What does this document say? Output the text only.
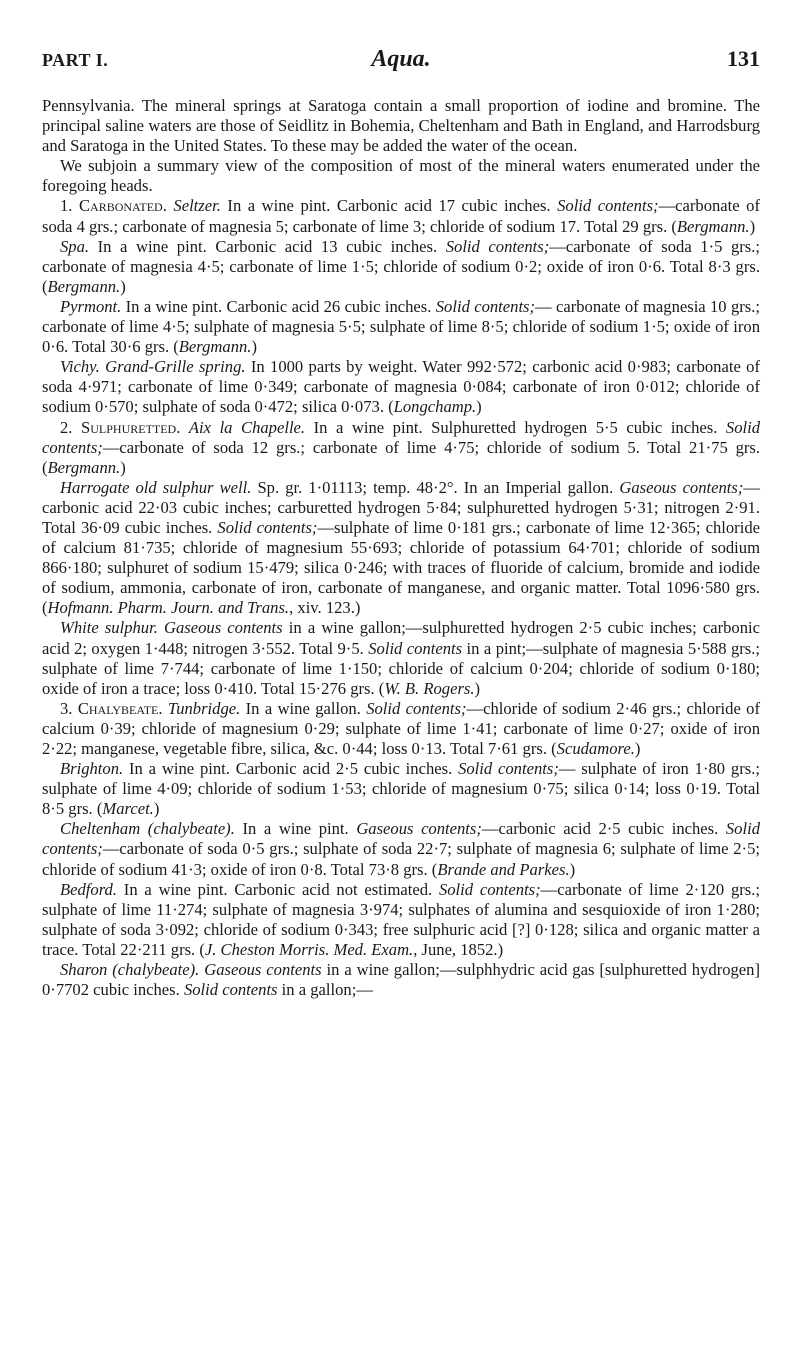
PART I.	Aqua.	131

Pennsylvania. The mineral springs at Saratoga contain a small proportion of iodine and bromine. The principal saline waters are those of Seidlitz in Bohemia, Cheltenham and Bath in England, and Harrodsburg and Saratoga in the United States. To these may be added the water of the ocean.

We subjoin a summary view of the composition of most of the mineral waters enumerated under the foregoing heads.

1. Carbonated. Seltzer. In a wine pint. Carbonic acid 17 cubic inches. Solid contents;—carbonate of soda 4 grs.; carbonate of magnesia 5; carbonate of lime 3; chloride of sodium 17. Total 29 grs. (Bergmann.)

Spa. In a wine pint. Carbonic acid 13 cubic inches. Solid contents;—carbonate of soda 1·5 grs.; carbonate of magnesia 4·5; carbonate of lime 1·5; chloride of sodium 0·2; oxide of iron 0·6. Total 8·3 grs. (Bergmann.)

Pyrmont. In a wine pint. Carbonic acid 26 cubic inches. Solid contents;— carbonate of magnesia 10 grs.; carbonate of lime 4·5; sulphate of magnesia 5·5; sulphate of lime 8·5; chloride of sodium 1·5; oxide of iron 0·6. Total 30·6 grs. (Bergmann.)

Vichy. Grand-Grille spring. In 1000 parts by weight. Water 992·572; carbonic acid 0·983; carbonate of soda 4·971; carbonate of lime 0·349; carbonate of magnesia 0·084; carbonate of iron 0·012; chloride of sodium 0·570; sulphate of soda 0·472; silica 0·073. (Longchamp.)

2. Sulphuretted. Aix la Chapelle. In a wine pint. Sulphuretted hydrogen 5·5 cubic inches. Solid contents;—carbonate of soda 12 grs.; carbonate of lime 4·75; chloride of sodium 5. Total 21·75 grs. (Bergmann.)

Harrogate old sulphur well. Sp. gr. 1·01113; temp. 48·2°. In an Imperial gallon. Gaseous contents;—carbonic acid 22·03 cubic inches; carburetted hydrogen 5·84; sulphuretted hydrogen 5·31; nitrogen 2·91. Total 36·09 cubic inches. Solid contents;—sulphate of lime 0·181 grs.; carbonate of lime 12·365; chloride of calcium 81·735; chloride of magnesium 55·693; chloride of potassium 64·701; chloride of sodium 866·180; sulphuret of sodium 15·479; silica 0·246; with traces of fluoride of calcium, bromide and iodide of sodium, ammonia, carbonate of iron, carbonate of manganese, and organic matter. Total 1096·580 grs. (Hofmann. Pharm. Journ. and Trans., xiv. 123.)

White sulphur. Gaseous contents in a wine gallon;—sulphuretted hydrogen 2·5 cubic inches; carbonic acid 2; oxygen 1·448; nitrogen 3·552. Total 9·5. Solid contents in a pint;—sulphate of magnesia 5·588 grs.; sulphate of lime 7·744; carbonate of lime 1·150; chloride of calcium 0·204; chloride of sodium 0·180; oxide of iron a trace; loss 0·410. Total 15·276 grs. (W. B. Rogers.)

3. Chalybeate. Tunbridge. In a wine gallon. Solid contents;—chloride of sodium 2·46 grs.; chloride of calcium 0·39; chloride of magnesium 0·29; sulphate of lime 1·41; carbonate of lime 0·27; oxide of iron 2·22; manganese, vegetable fibre, silica, &c. 0·44; loss 0·13. Total 7·61 grs. (Scudamore.)

Brighton. In a wine pint. Carbonic acid 2·5 cubic inches. Solid contents;— sulphate of iron 1·80 grs.; sulphate of lime 4·09; chloride of sodium 1·53; chloride of magnesium 0·75; silica 0·14; loss 0·19. Total 8·5 grs. (Marcet.)

Cheltenham (chalybeate). In a wine pint. Gaseous contents;—carbonic acid 2·5 cubic inches. Solid contents;—carbonate of soda 0·5 grs.; sulphate of soda 22·7; sulphate of magnesia 6; sulphate of lime 2·5; chloride of sodium 41·3; oxide of iron 0·8. Total 73·8 grs. (Brande and Parkes.)

Bedford. In a wine pint. Carbonic acid not estimated. Solid contents;—carbonate of lime 2·120 grs.; sulphate of lime 11·274; sulphate of magnesia 3·974; sulphates of alumina and sesquioxide of iron 1·280; sulphate of soda 3·092; chloride of sodium 0·343; free sulphuric acid [?] 0·128; silica and organic matter a trace. Total 22·211 grs. (J. Cheston Morris. Med. Exam., June, 1852.)

Sharon (chalybeate). Gaseous contents in a wine gallon;—sulphhydric acid gas [sulphuretted hydrogen] 0·7702 cubic inches. Solid contents in a gallon;—
